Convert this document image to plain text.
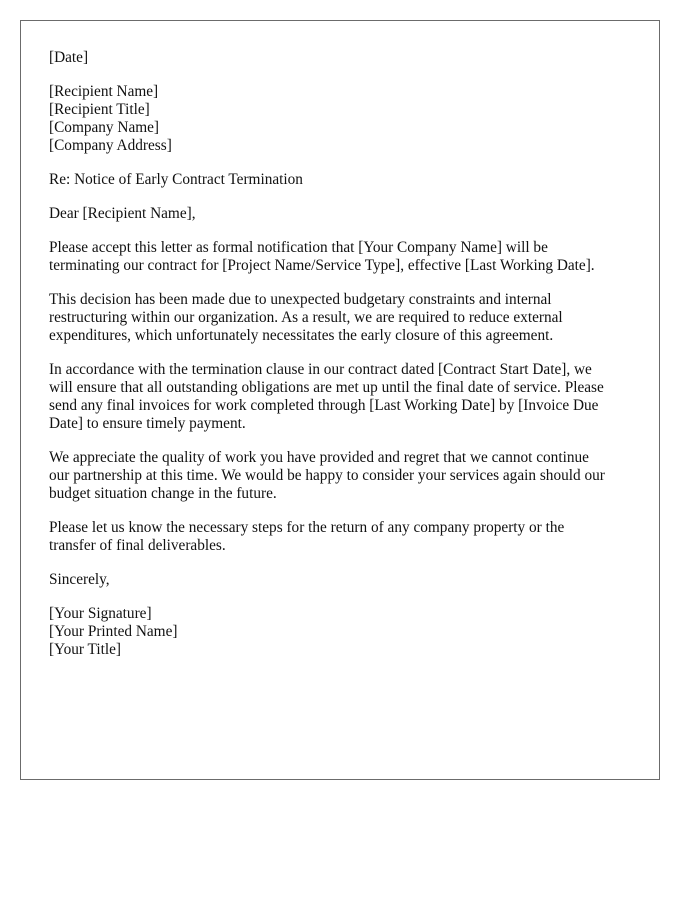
[Date]
[Recipient Name]
[Recipient Title]
[Company Name]
[Company Address]
Re: Notice of Early Contract Termination
Dear [Recipient Name],
Please accept this letter as formal notification that [Your Company Name] will be
terminating our contract for [Project Name/Service Type], effective [Last Working Date].
This decision has been made due to unexpected budgetary constraints and internal
restructuring within our organization. As a result, we are required to reduce external
expenditures, which unfortunately necessitates the early closure of this agreement.
In accordance with the termination clause in our contract dated [Contract Start Date], we
will ensure that all outstanding obligations are met up until the final date of service. Please
send any final invoices for work completed through [Last Working Date] by [Invoice Due
Date] to ensure timely payment.
We appreciate the quality of work you have provided and regret that we cannot continue
our partnership at this time. We would be happy to consider your services again should our
budget situation change in the future.
Please let us know the necessary steps for the return of any company property or the
transfer of final deliverables.
Sincerely,
[Your Signature]
[Your Printed Name]
[Your Title]
